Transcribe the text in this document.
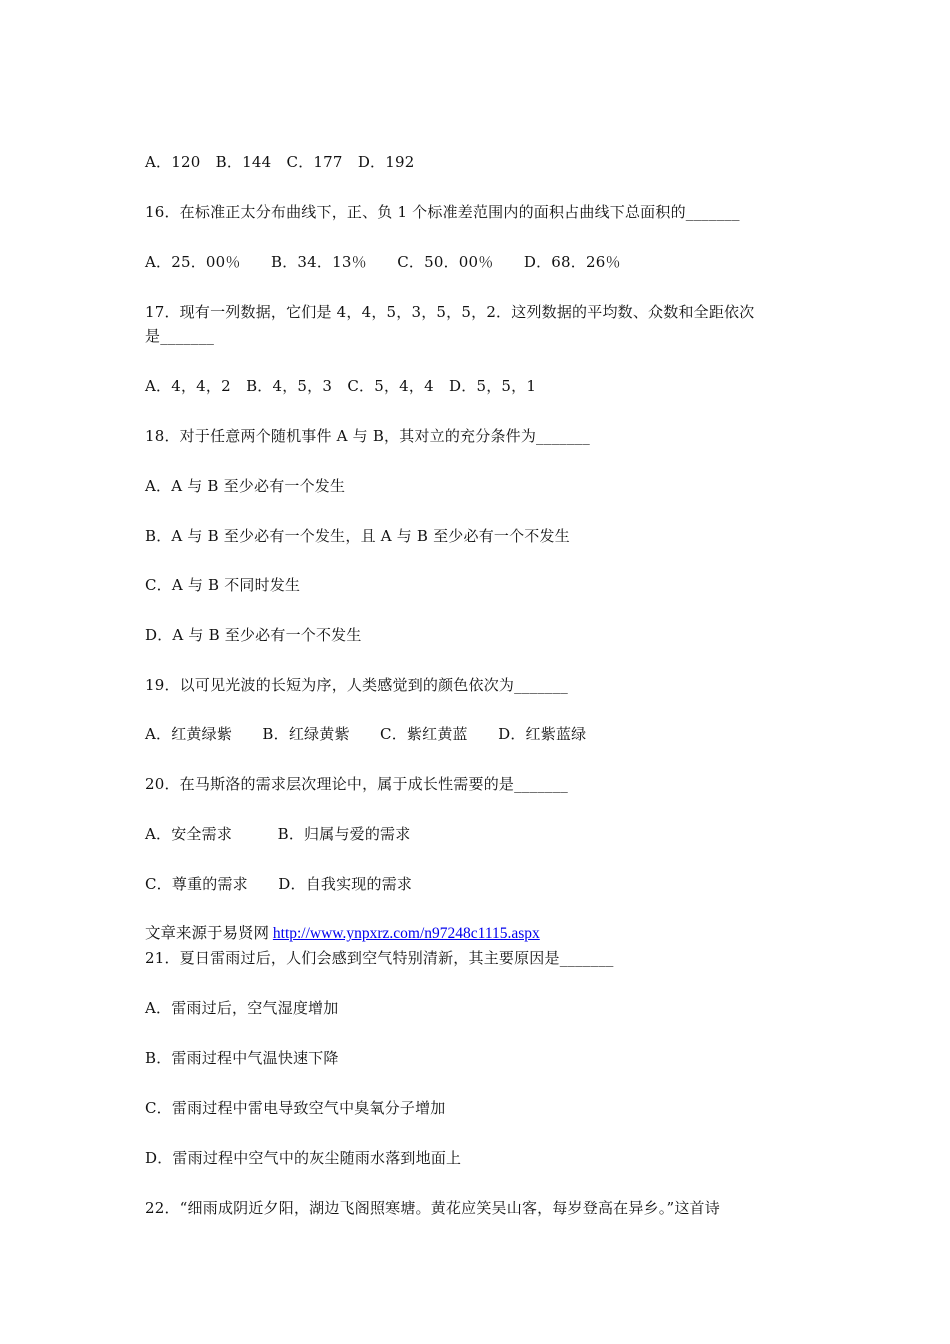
A．120　B．144　C．177　D．192
16．在标准正太分布曲线下，正、负 1 个标准差范围内的面积占曲线下总面积的_______
A．25．00％　　B．34．13％　　C．50．00％　　D．68．26％
17．现有一列数据，它们是 4，4，5，3，5，5，2．这列数据的平均数、众数和全距依次
是_______
A．4，4，2　B．4，5，3　C．5，4，4　D．5，5，1
18．对于任意两个随机事件 A 与 B，其对立的充分条件为_______
A．A 与 B 至少必有一个发生
B．A 与 B 至少必有一个发生，且 A 与 B 至少必有一个不发生
C．A 与 B 不同时发生
D．A 与 B 至少必有一个不发生
19．以可见光波的长短为序，人类感觉到的颜色依次为_______
A．红黄绿紫　　B．红绿黄紫　　C．紫红黄蓝　　D．红紫蓝绿
20．在马斯洛的需求层次理论中，属于成长性需要的是_______
A．安全需求　　　B．归属与爱的需求
C．尊重的需求　　D．自我实现的需求
文章来源于易贤网 http://www.ynpxrz.com/n97248c1115.aspx
21．夏日雷雨过后，人们会感到空气特别清新，其主要原因是_______
A．雷雨过后，空气湿度增加
B．雷雨过程中气温快速下降
C．雷雨过程中雷电导致空气中臭氧分子增加
D．雷雨过程中空气中的灰尘随雨水落到地面上
22．“细雨成阴近夕阳，湖边飞阁照寒塘。黄花应笑吴山客，每岁登高在异乡。”这首诗
